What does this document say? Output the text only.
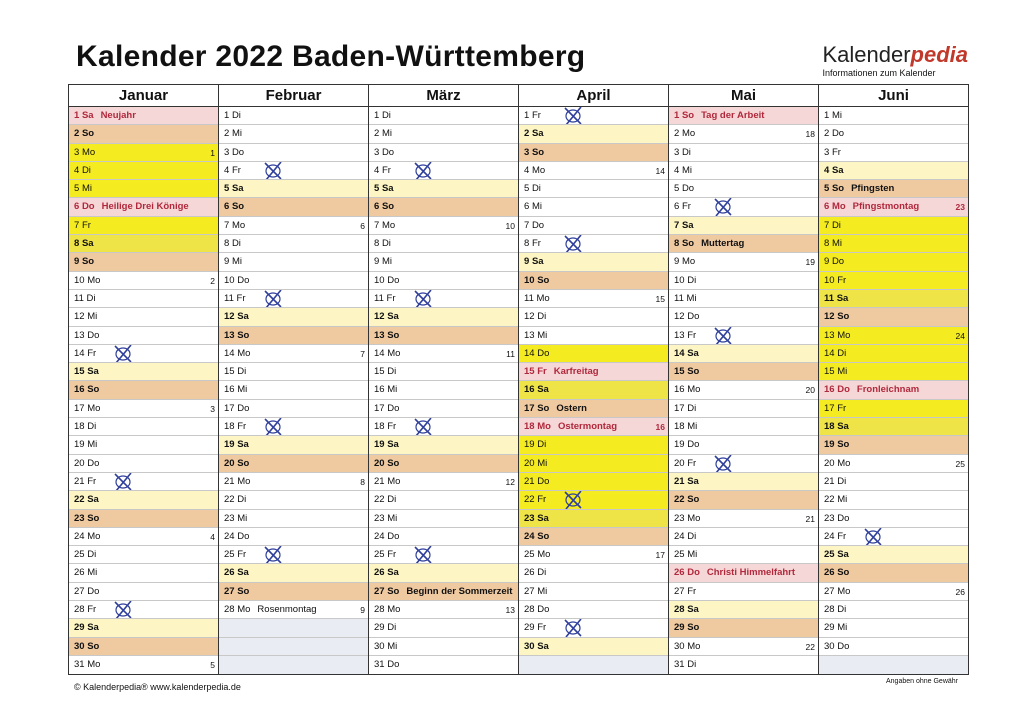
Kalender 2022 Baden-Württemberg	Kalenderpedia
Informationen zum Kalender
Januar
1 Sa Neujahr
2 So
3 Mo	1
4 Di
5 Mi
6 Do Heilige Drei Könige
7 Fr
8 Sa
9 So
10 Mo	2
11 Di
12 Mi
13 Do
14 Fr
15 Sa
16 So
17 Mo	3
18 Di
19 Mi
20 Do
21 Fr
22 Sa
23 So
24 Mo	4
25 Di
26 Mi
27 Do
28 Fr
29 Sa
30 So
31 Mo	5
Februar
1 Di
2 Mi
3 Do
4 Fr
5 Sa
6 So
7 Mo	6
8 Di
9 Mi
10 Do
11 Fr
12 Sa
13 So
14 Mo	7
15 Di
16 Mi
17 Do
18 Fr
19 Sa
20 So
21 Mo	8
22 Di
23 Mi
24 Do
25 Fr
26 Sa
27 So
28 Mo Rosenmontag	9
März
1 Di
2 Mi
3 Do
4 Fr
5 Sa
6 So
7 Mo	10
8 Di
9 Mi
10 Do
11 Fr
12 Sa
13 So
14 Mo	11
15 Di
16 Mi
17 Do
18 Fr
19 Sa
20 So
21 Mo	12
22 Di
23 Mi
24 Do
25 Fr
26 Sa
27 So Beginn der Sommerzeit
28 Mo	13
29 Di
30 Mi
31 Do
April
1 Fr
2 Sa
3 So
4 Mo	14
5 Di
6 Mi
7 Do
8 Fr
9 Sa
10 So
11 Mo	15
12 Di
13 Mi
14 Do
15 Fr Karfreitag
16 Sa
17 So Ostern
18 Mo Ostermontag	16
19 Di
20 Mi
21 Do
22 Fr
23 Sa
24 So
25 Mo	17
26 Di
27 Mi
28 Do
29 Fr
30 Sa
Mai
1 So Tag der Arbeit
2 Mo	18
3 Di
4 Mi
5 Do
6 Fr
7 Sa
8 So Muttertag
9 Mo	19
10 Di
11 Mi
12 Do
13 Fr
14 Sa
15 So
16 Mo	20
17 Di
18 Mi
19 Do
20 Fr
21 Sa
22 So
23 Mo	21
24 Di
25 Mi
26 Do Christi Himmelfahrt
27 Fr
28 Sa
29 So
30 Mo	22
31 Di
Juni
1 Mi
2 Do
3 Fr
4 Sa
5 So Pfingsten
6 Mo Pfingstmontag	23
7 Di
8 Mi
9 Do
10 Fr
11 Sa
12 So
13 Mo	24
14 Di
15 Mi
16 Do Fronleichnam
17 Fr
18 Sa
19 So
20 Mo	25
21 Di
22 Mi
23 Do
24 Fr
25 Sa
26 So
27 Mo	26
28 Di
29 Mi
30 Do
© Kalenderpedia® www.kalenderpedia.de
Angaben ohne Gewähr
